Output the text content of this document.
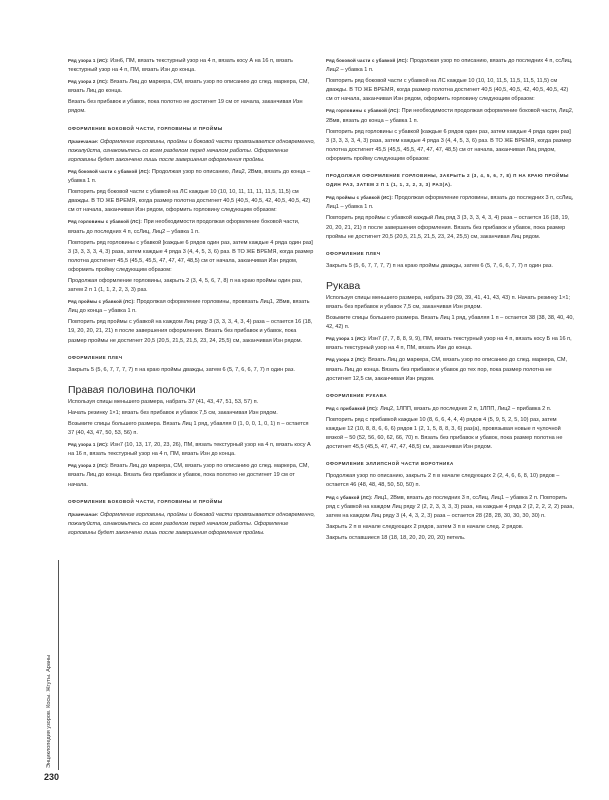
Ряд узора 1 (ИС): Изн6, ПМ, вязать текстурный узор на 4 п, вязать косу А на 16 п, вязать текстурный узор на 4 п, ПМ, вязать Изн до конца.

Ряд узора 2 (ЛС): Вязать Лиц до маркера, СМ, вязать узор по описанию до след. маркера, СМ, вязать Лиц до конца.

Вязать без прибавок и убавок, пока полотно не достигнет 19 см от начала, заканчивая Изн рядом.

ОФОРМЛЕНИЕ БОКОВОЙ ЧАСТИ, ГОРЛОВИНЫ И ПРОЙМЫ

Примечание: Оформление горловины, проймы и боковой части провязывается одновременно, пожалуйста, ознакомьтесь со всем разделом перед началом работы. Оформление горловины будет закончено лишь после завершения оформления проймы.

Ряд боковой части с убавкой (ЛС): Продолжая узор по описанию, Лиц2, 2Вмв, вязать до конца – убавка 1 п.

Повторить ряд боковой части с убавкой на ЛС каждые 10 (10, 10, 11, 11, 11, 11,5, 11,5) см дважды. В ТО ЖЕ ВРЕМЯ, когда размер полотна достигнет 40,5 (40,5, 40,5, 42, 40,5, 40,5, 42) см от начала, заканчивая Изн рядом, оформить горловину следующим образом:

Ряд горловины с убавкой (ЛС): При необходимости продолжая оформление боковой части, вязать до последних 4 п, ссЛиц, Лиц2 – убавка 1 п.

Повторить ряд горловины с убавкой [каждые 6 рядов один раз, затем каждые 4 ряда один раз] 3 (3, 3, 3, 3, 4, 3) раза, затем каждые 4 ряда 3 (4, 4, 5, 3, 6) раз. В ТО ЖЕ ВРЕМЯ, когда размер полотна достигнет 45,5 (45,5, 45,5, 47, 47, 47, 48,5) см от начала, заканчивая Изн рядом, оформить пройму следующим образом:

Продолжая оформление горловины, закрыть 2 (3, 4, 5, 6, 7, 8) п на краю проймы один раз, затем 2 п 1 (1, 1, 2, 2, 3, 3) раз.

Ряд проймы с убавкой (ЛС): Продолжая оформление горловины, провязать Лиц1, 2Вмв, вязать Лиц до конца – убавка 1 п.

Повторить ряд проймы с убавкой на каждом Лиц ряду 3 (3, 3, 3, 4, 3, 4) раза – остается 16 (18, 19, 20, 20, 21, 21) п после завершения оформления. Вязать без прибавок и убавок, пока размер проймы не достигнет 20,5 (20,5, 21,5, 21,5, 23, 24, 25,5) см, заканчивая Изн рядом.

ОФОРМЛЕНИЕ ПЛЕЧ

Закрыть 5 (5, 6, 7, 7, 7, 7) п на краю проймы дважды, затем 6 (5, 7, 6, 6, 7, 7) п один раз.

Правая половина полочки

Используя спицы меньшего размера, набрать 37 (41, 43, 47, 51, 53, 57) п.

Начать резинку 1×1; вязать без прибавок и убавок 7,5 см, заканчивая Изн рядом.

Возьмите спицы большего размера. Вязать Лиц 1 ряд, убавляя 0 (1, 0, 0, 1, 0, 1) п – остается 37 (40, 43, 47, 50, 53, 56) п.

Ряд узора 1 (ИС): Изн7 (10, 13, 17, 20, 23, 26), ПМ, вязать текстурный узор на 4 п, вязать косу А на 16 п, вязать текстурный узор на 4 п, ПМ, вязать Изн до конца.

Ряд узора 2 (ЛС): Вязать Лиц до маркера, СМ, вязать узор по описанию до след. маркера, СМ, вязать Лиц до конца. Вязать без прибавок и убавок, пока полотно не достигнет 19 см от начала.

ОФОРМЛЕНИЕ БОКОВОЙ ЧАСТИ, ГОРЛОВИНЫ И ПРОЙМЫ

Примечание: Оформление горловины, проймы и боковой части провязывается одновременно, пожалуйста, ознакомьтесь со всем разделом перед началом работы. Оформление горловины будет закончено лишь после завершения оформления проймы.

Ряд боковой части с убавкой (ЛС): Продолжая узор по описанию, вязать до последних 4 п, ссЛиц, Лиц2 – убавка 1 п.

Повторить ряд боковой части с убавкой на ЛС каждые 10 (10, 10, 11,5, 11,5, 11,5, 11,5) см дважды. В ТО ЖЕ ВРЕМЯ, когда размер полотна достигнет 40,5 (40,5, 40,5, 42, 40,5, 40,5, 42) см от начала, заканчивая Изн рядом, оформить горловину следующим образом:

Ряд горловины с убавкой (ЛС): При необходимости продолжая оформление боковой части, Лиц2, 2Вмв, вязать до конца – убавка 1 п.

Повторить ряд горловины с убавкой [каждые 6 рядов один раз, затем каждые 4 ряда один раз] 3 (3, 3, 3, 3, 4, 3) раза, затем каждые 4 ряда 3 (4, 4, 5, 3, 6) раз. В ТО ЖЕ ВРЕМЯ, когда размер полотна достигнет 45,5 (45,5, 45,5, 47, 47, 47, 48,5) см от начала, заканчивая Лиц рядом, оформить пройму следующим образом:

ПРОДОЛЖАЯ ОФОРМЛЕНИЕ ГОРЛОВИНЫ, ЗАКРЫТЬ 2 (3, 4, 5, 6, 7, 8) П НА КРАЮ ПРОЙМЫ ОДИН РАЗ, ЗАТЕМ 2 П 1 (1, 1, 2, 2, 3, 3) РАЗ(А).

Ряд проймы с убавкой (ИС): Продолжая оформление горловины, вязать до последних 3 п, ссЛиц, Лиц1 – убавка 1 п.

Повторить ряд проймы с убавкой каждый Лиц ряд 3 (3, 3, 3, 4, 3, 4) раза – остается 16 (18, 19, 20, 20, 21, 21) п после завершения оформления. Вязать без прибавок и убавок, пока размер проймы не достигнет 20,5 (20,5, 21,5, 21,5, 23, 24, 25,5) см, заканчивая Лиц рядом.

ОФОРМЛЕНИЕ ПЛЕЧ

Закрыть 5 (5, 6, 7, 7, 7, 7) п на краю проймы дважды, затем 6 (5, 7, 6, 6, 7, 7) п один раз.

Рукава

Используя спицы меньшего размера, набрать 39 (39, 39, 41, 41, 43, 43) п. Начать резинку 1×1; вязать без прибавок и убавок 7,5 см, заканчивая Изн рядом.

Возьмите спицы большего размера. Вязать Лиц 1 ряд, убавляя 1 п – остается 38 (38, 38, 40, 40, 42, 42) п.

Ряд узора 1 (ИС): Изн7 (7, 7, 8, 8, 9, 9), ПМ, вязать текстурный узор на 4 п, вязать косу Б на 16 п, вязать текстурный узор на 4 п, ПМ, вязать Изн до конца.

Ряд узора 2 (ЛС): Вязать Лиц до маркера, СМ, вязать узор по описанию до след. маркера, СМ, вязать Лиц до конца. Вязать без прибавок и убавок до тех пор, пока размер полотна не достигнет 12,5 см, заканчивая Изн рядом.

ОФОРМЛЕНИЕ РУКАВА

Ряд с прибавкой (ЛС): Лиц2, 1ЛПП, вязать до последних 2 п, 1ЛПП, Лиц2 – прибавка 2 п.

Повторить ряд с прибавкой каждые 10 (8, 6, 6, 4, 4, 4) рядов 4 (5, 9, 5, 2, 5, 10) раз, затем каждые 12 (10, 8, 8, 6, 6, 6) рядов 1 (2, 1, 5, 8, 8, 3, 6) раз(а), провязывая новые п чулочной вязкой – 50 (52, 56, 60, 62, 66, 70) п. Вязать без прибавок и убавок, пока размер полотна не достигнет 45,5 (45,5, 47, 47, 47, 48,5) см, заканчивая Изн рядом.

ОФОРМЛЕНИЕ ЭЛЛИПСНОЙ ЧАСТИ ВОРОТНИКА

Продолжая узор по описанию, закрыть 2 п в начале следующих 2 (2, 4, 6, 6, 8, 10) рядов – остается 46 (48, 48, 48, 50, 50, 50) п.

Ряд с убавкой (ЛС): Лиц1, 2Вмв, вязать до последних 3 п, ссЛиц, Лиц1 – убавка 2 п. Повторить ряд с убавкой на каждом Лиц ряду 2 (2, 2, 3, 3, 3, 3) раза, на каждые 4 ряда 2 (2, 2, 2, 2, 2) раза, затем на каждом Лиц ряду 3 (4, 4, 3, 2, 3) раза – остается 28 (28, 28, 30, 30, 30, 30) п.

Закрыть 2 п в начале следующих 2 рядов, затем 3 п в начале след. 2 рядов.

Закрыть оставшиеся 18 (18, 18, 20, 20, 20, 20) петель.

Энциклопедия узоров. Косы. Жгуты. Араны
230
